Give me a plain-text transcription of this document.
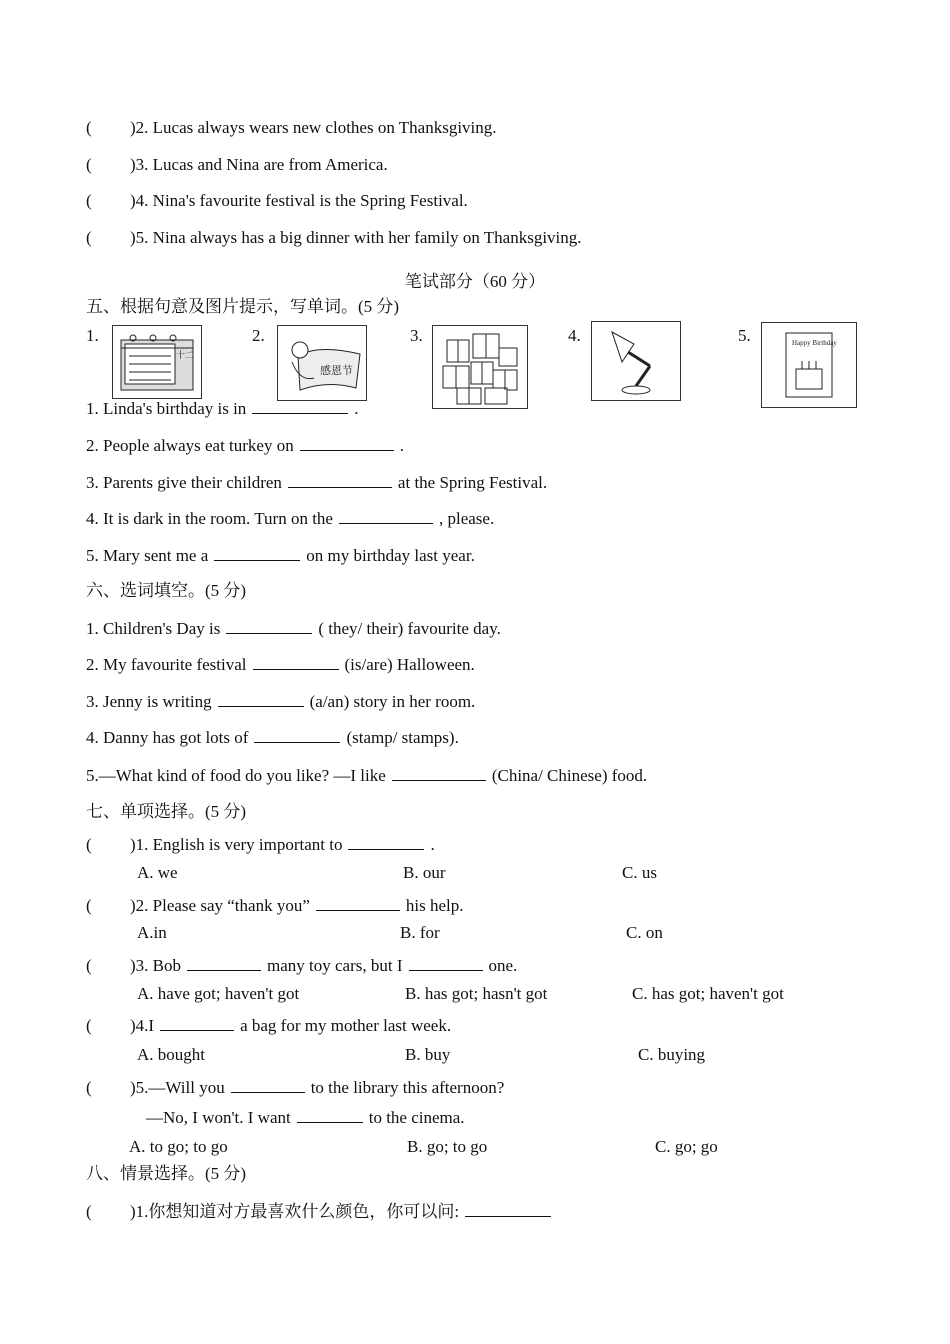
( )2. Lucas always wears new clothes on Thanksgiving.
( )3. Lucas and Nina are from America.
( )4. Nina's favourite festival is the Spring Festival.
( )5. Nina always has a big dinner with her family on Thanksgiving.
笔试部分（60 分）
五、根据句意及图片提示，写单词。(5 分)
1.	2.	3.	4.	5.
十二
感恩节
Happy Birthday
1. Linda's birthday is in	.
2. People always eat turkey on	.
3. Parents give their children	at the Spring Festival.
4. It is dark in the room. Turn on the	, please.
5. Mary sent me a	on my birthday last year.
六、选词填空。(5 分)
1. Children's Day is	( they/ their) favourite day.
2. My favourite festival	(is/are) Halloween.
3. Jenny is writing	(a/an) story in her room.
4. Danny has got lots of	(stamp/ stamps).
5.—What kind of food do you like? —I like	(China/ Chinese) food.
七、单项选择。(5 分)
( )1. English is very important to	.
A. we	B. our	C. us
( )2. Please say “thank you”	his help.
A.in	B. for	C. on
( )3. Bob	many toy cars, but I	one.
A. have got; haven't got	B. has got; hasn't got	C. has got; haven't got
( )4.I	a bag for my mother last week.
A. bought	B. buy	C. buying
( )5.—Will you	to the library this afternoon?
—No, I won't. I want	to the cinema.
A. to go; to go	B. go; to go	C. go; go
八、情景选择。(5 分)
( )1.你想知道对方最喜欢什么颜色，你可以问:
